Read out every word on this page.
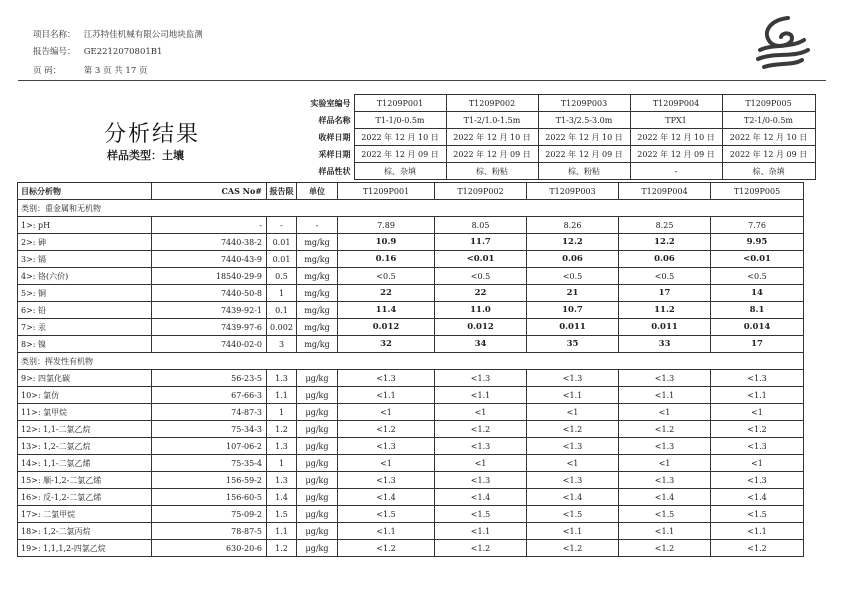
项目名称： 江苏特佳机械有限公司地块监测
报告编号： GE2212070801B1
页 码：	第 3 页 共 17 页
分析结果
样品类型：土壤
实验室编号	T1209P001	T1209P002	T1209P003	T1209P004	T1209P005
样品名称	T1-1/0-0.5m	T1-2/1.0-1.5m	T1-3/2.5-3.0m	TPX1	T2-1/0-0.5m
收样日期	2022 年 12 月 10 日	2022 年 12 月 10 日	2022 年 12 月 10 日	2022 年 12 月 10 日	2022 年 12 月 10 日
采样日期	2022 年 12 月 09 日	2022 年 12 月 09 日	2022 年 12 月 09 日	2022 年 12 月 09 日	2022 年 12 月 09 日
样品性状	棕、杂填	棕、粉粘	棕、粉粘	-	棕、杂填
目标分析物	CAS No#	报告限	单位	T1209P001	T1209P002	T1209P003	T1209P004	T1209P005
类别：重金属和无机物								
1>: pH	-	-	-	7.89	8.05	8.26	8.25	7.76
2>: 砷	7440-38-2	0.01	mg/kg	10.9	11.7	12.2	12.2	9.95
3>: 镉	7440-43-9	0.01	mg/kg	0.16	<0.01	0.06	0.06	<0.01
4>: 铬(六价)	18540-29-9	0.5	mg/kg	<0.5	<0.5	<0.5	<0.5	<0.5
5>: 铜	7440-50-8	1	mg/kg	22	22	21	17	14
6>: 铅	7439-92-1	0.1	mg/kg	11.4	11.0	10.7	11.2	8.1
7>: 汞	7439-97-6	0.002	mg/kg	0.012	0.012	0.011	0.011	0.014
8>: 镍	7440-02-0	3	mg/kg	32	34	35	33	17
类别：挥发性有机物								
9>: 四氯化碳	56-23-5	1.3	μg/kg	<1.3	<1.3	<1.3	<1.3	<1.3
10>: 氯仿	67-66-3	1.1	μg/kg	<1.1	<1.1	<1.1	<1.1	<1.1
11>: 氯甲烷	74-87-3	1	μg/kg	<1	<1	<1	<1	<1
12>: 1,1-二氯乙烷	75-34-3	1.2	μg/kg	<1.2	<1.2	<1.2	<1.2	<1.2
13>: 1,2-二氯乙烷	107-06-2	1.3	μg/kg	<1.3	<1.3	<1.3	<1.3	<1.3
14>: 1,1-二氯乙烯	75-35-4	1	μg/kg	<1	<1	<1	<1	<1
15>: 顺-1,2-二氯乙烯	156-59-2	1.3	μg/kg	<1.3	<1.3	<1.3	<1.3	<1.3
16>: 反-1,2-二氯乙烯	156-60-5	1.4	μg/kg	<1.4	<1.4	<1.4	<1.4	<1.4
17>: 二氯甲烷	75-09-2	1.5	μg/kg	<1.5	<1.5	<1.5	<1.5	<1.5
18>: 1,2-二氯丙烷	78-87-5	1.1	μg/kg	<1.1	<1.1	<1.1	<1.1	<1.1
19>: 1,1,1,2-四氯乙烷	630-20-6	1.2	μg/kg	<1.2	<1.2	<1.2	<1.2	<1.2
